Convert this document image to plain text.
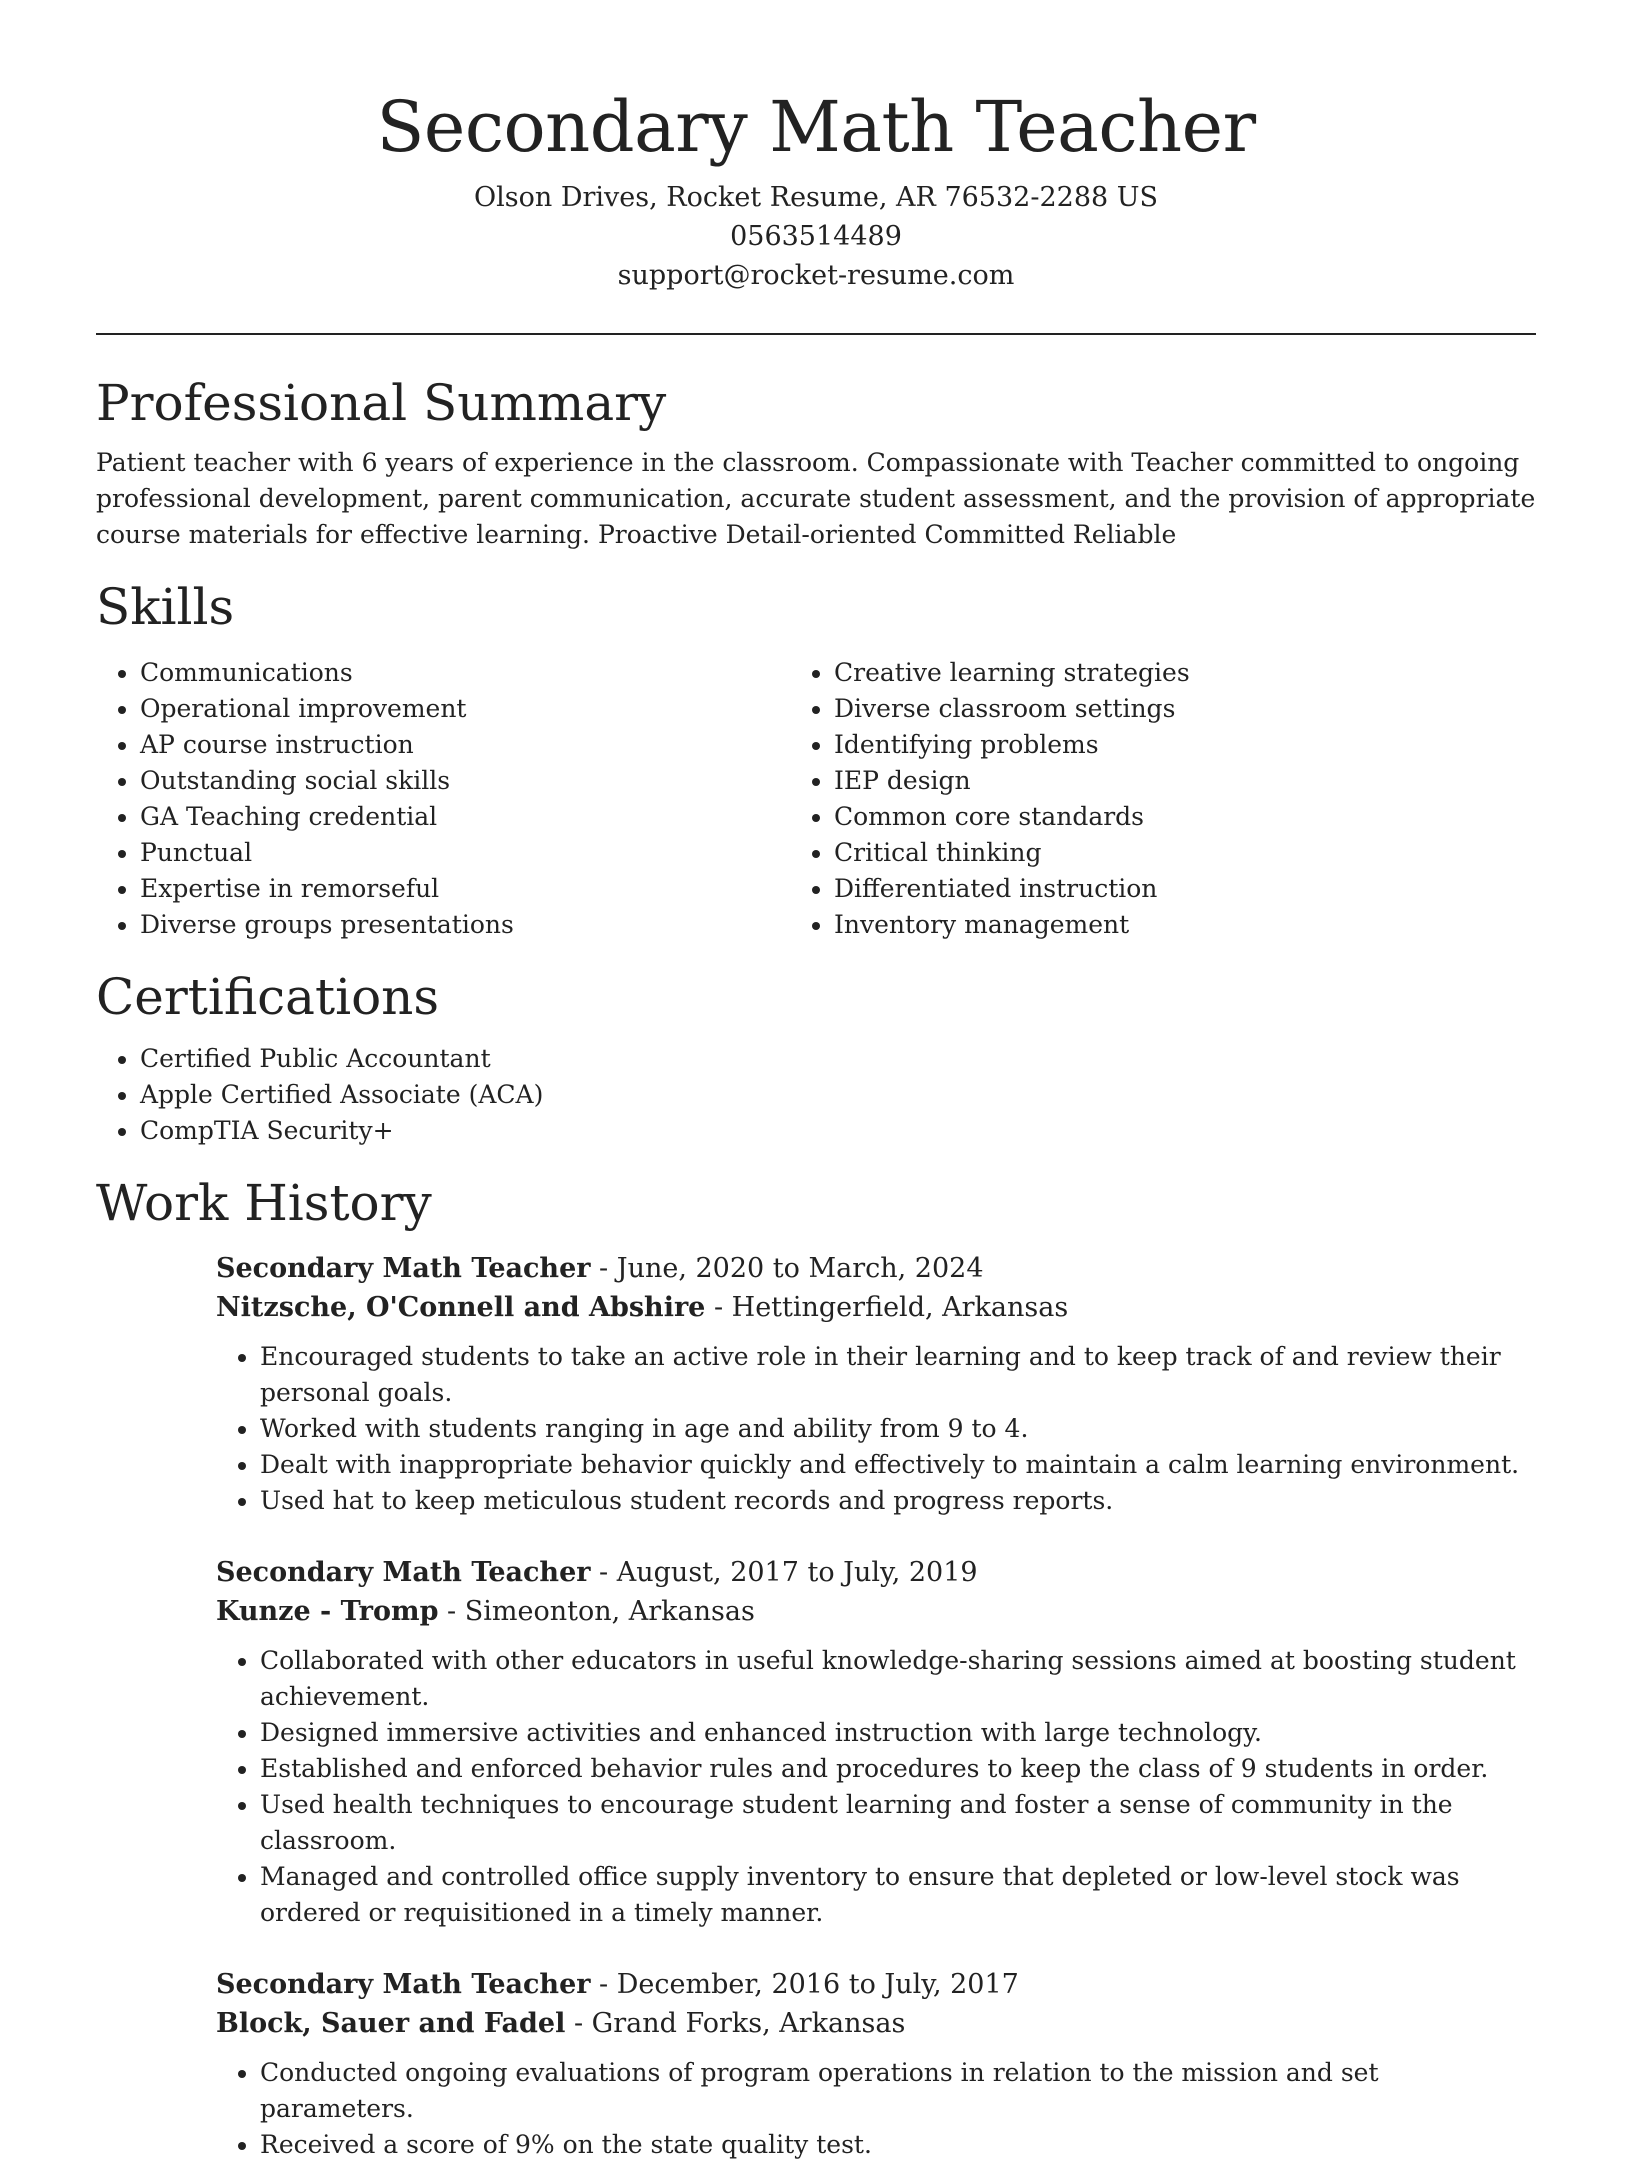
Secondary Math Teacher

Olson Drives, Rocket Resume, AR 76532-2288 US

0563514489

support@rocket-resume.com

Professional Summary

Patient teacher with 6 years of experience in the classroom. Compassionate with Teacher committed to ongoing professional development, parent communication, accurate student assessment, and the provision of appropriate course materials for effective learning. Proactive Detail-oriented Committed Reliable

Skills
• Communications
• Operational improvement
• AP course instruction
• Outstanding social skills
• GA Teaching credential
• Punctual
• Expertise in remorseful
• Diverse groups presentations
• Creative learning strategies
• Diverse classroom settings
• Identifying problems
• IEP design
• Common core standards
• Critical thinking
• Differentiated instruction
• Inventory management
Certifications
• Certified Public Accountant
• Apple Certified Associate (ACA)
• CompTIA Security+
Work History

Secondary Math Teacher - June, 2020 to March, 2024

Nitzsche, O'Connell and Abshire - Hettingerfield, Arkansas

• Encouraged students to take an active role in their learning and to keep track of and review their personal goals.
• Worked with students ranging in age and ability from 9 to 4.
• Dealt with inappropriate behavior quickly and effectively to maintain a calm learning environment.
• Used hat to keep meticulous student records and progress reports.

Secondary Math Teacher - August, 2017 to July, 2019

Kunze - Tromp - Simeonton, Arkansas

• Collaborated with other educators in useful knowledge-sharing sessions aimed at boosting student achievement.
• Designed immersive activities and enhanced instruction with large technology.
• Established and enforced behavior rules and procedures to keep the class of 9 students in order.
• Used health techniques to encourage student learning and foster a sense of community in the classroom.
• Managed and controlled office supply inventory to ensure that depleted or low-level stock was ordered or requisitioned in a timely manner.

Secondary Math Teacher - December, 2016 to July, 2017

Block, Sauer and Fadel - Grand Forks, Arkansas

• Conducted ongoing evaluations of program operations in relation to the mission and set parameters.
• Received a score of 9% on the state quality test.
